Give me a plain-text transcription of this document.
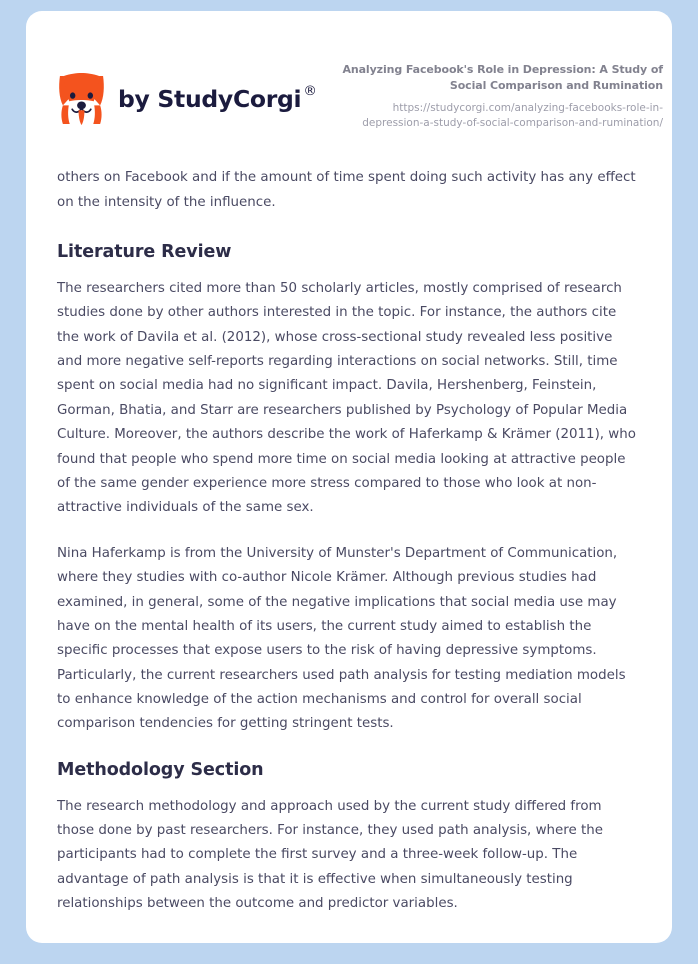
by StudyCorgi ®
Analyzing Facebook's Role in Depression: A Study of Social Comparison and Rumination
https://studycorgi.com/analyzing-facebooks-role-in-depression-a-study-of-social-comparison-and-rumination/

others on Facebook and if the amount of time spent doing such activity has any effect on the intensity of the influence.

Literature Review

The researchers cited more than 50 scholarly articles, mostly comprised of research studies done by other authors interested in the topic. For instance, the authors cite the work of Davila et al. (2012), whose cross-sectional study revealed less positive and more negative self-reports regarding interactions on social networks. Still, time spent on social media had no significant impact. Davila, Hershenberg, Feinstein, Gorman, Bhatia, and Starr are researchers published by Psychology of Popular Media Culture. Moreover, the authors describe the work of Haferkamp & Krämer (2011), who found that people who spend more time on social media looking at attractive people of the same gender experience more stress compared to those who look at non-attractive individuals of the same sex.

Nina Haferkamp is from the University of Munster's Department of Communication, where they studies with co-author Nicole Krämer. Although previous studies had examined, in general, some of the negative implications that social media use may have on the mental health of its users, the current study aimed to establish the specific processes that expose users to the risk of having depressive symptoms. Particularly, the current researchers used path analysis for testing mediation models to enhance knowledge of the action mechanisms and control for overall social comparison tendencies for getting stringent tests.

Methodology Section

The research methodology and approach used by the current study differed from those done by past researchers. For instance, they used path analysis, where the participants had to complete the first survey and a three-week follow-up. The advantage of path analysis is that it is effective when simultaneously testing relationships between the outcome and predictor variables.
